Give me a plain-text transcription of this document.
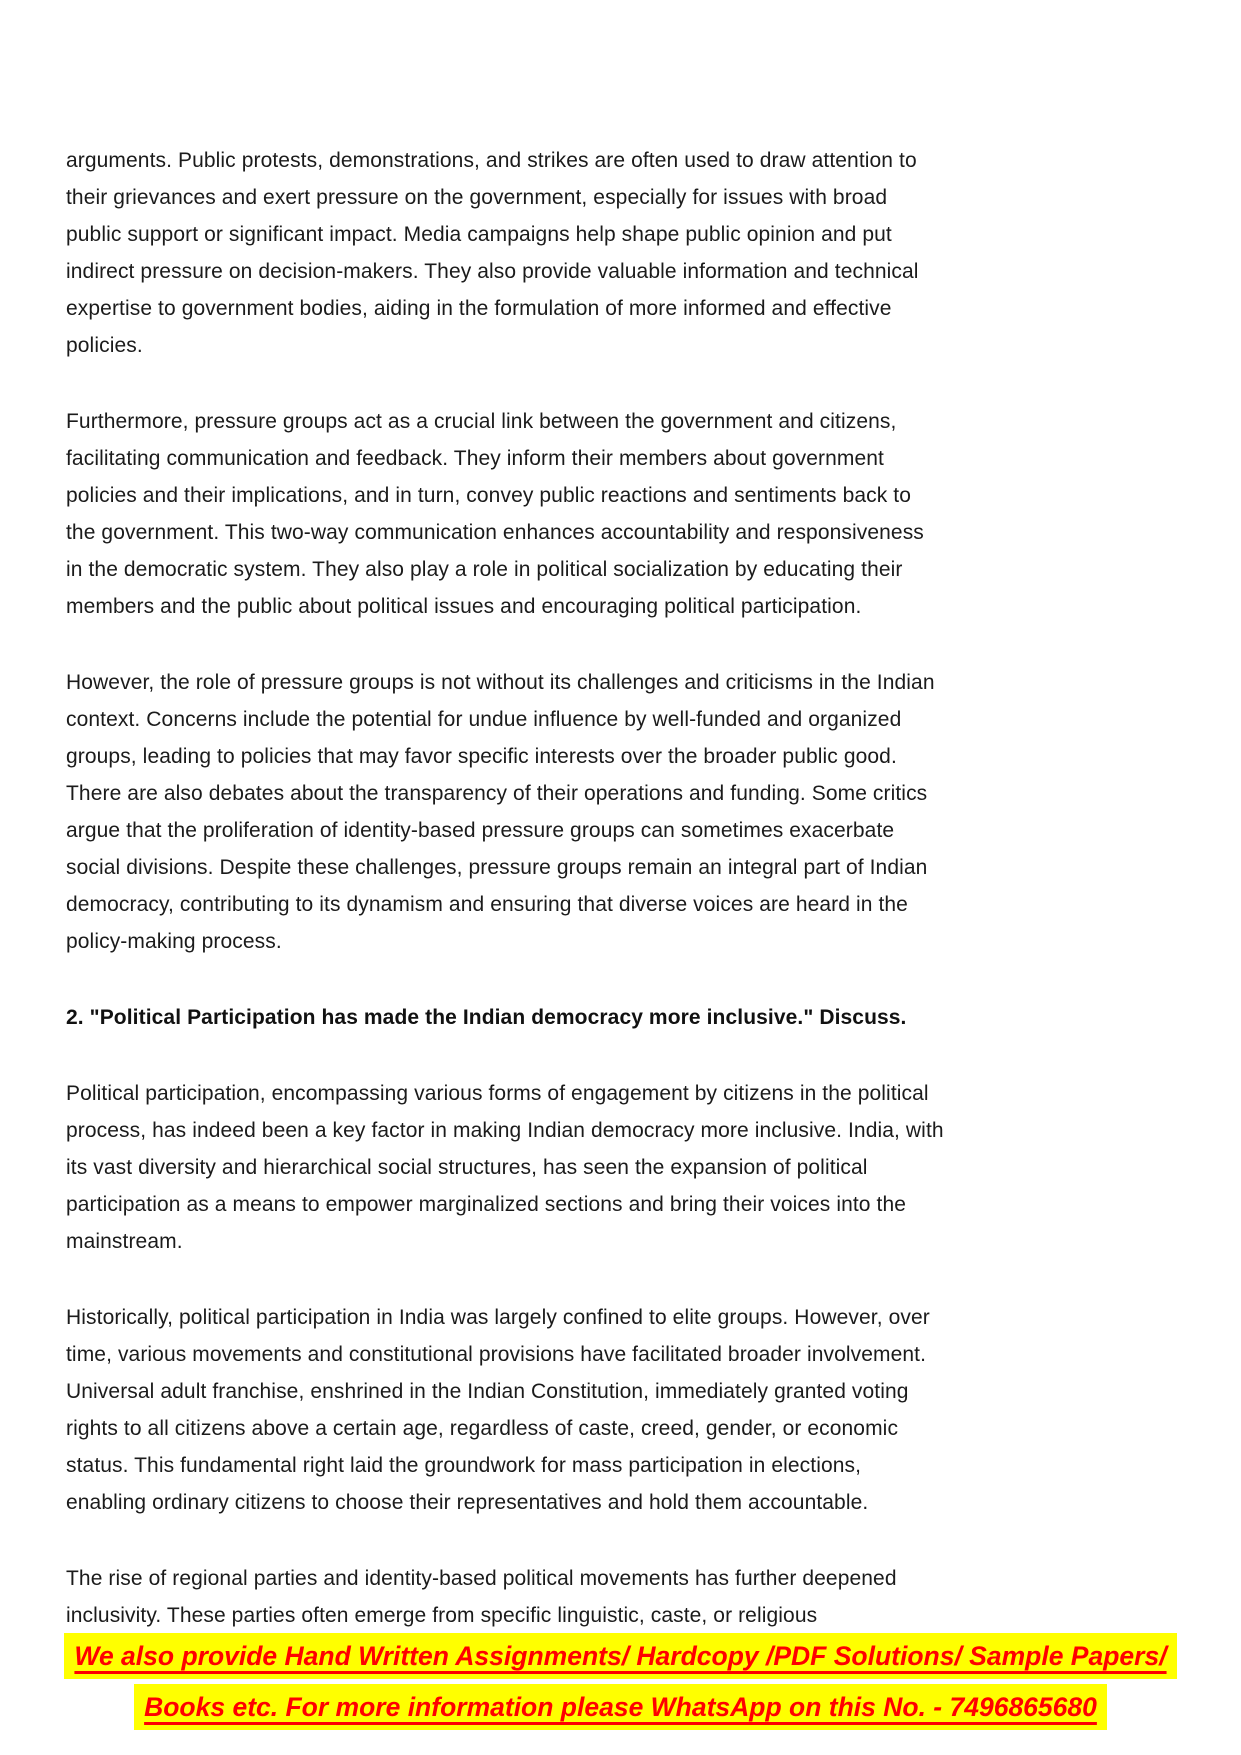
arguments. Public protests, demonstrations, and strikes are often used to draw attention to
their grievances and exert pressure on the government, especially for issues with broad
public support or significant impact. Media campaigns help shape public opinion and put
indirect pressure on decision-makers. They also provide valuable information and technical
expertise to government bodies, aiding in the formulation of more informed and effective
policies.

Furthermore, pressure groups act as a crucial link between the government and citizens,
facilitating communication and feedback. They inform their members about government
policies and their implications, and in turn, convey public reactions and sentiments back to
the government. This two-way communication enhances accountability and responsiveness
in the democratic system. They also play a role in political socialization by educating their
members and the public about political issues and encouraging political participation.

However, the role of pressure groups is not without its challenges and criticisms in the Indian
context. Concerns include the potential for undue influence by well-funded and organized
groups, leading to policies that may favor specific interests over the broader public good.
There are also debates about the transparency of their operations and funding. Some critics
argue that the proliferation of identity-based pressure groups can sometimes exacerbate
social divisions. Despite these challenges, pressure groups remain an integral part of Indian
democracy, contributing to its dynamism and ensuring that diverse voices are heard in the
policy-making process.

2. "Political Participation has made the Indian democracy more inclusive." Discuss.

Political participation, encompassing various forms of engagement by citizens in the political
process, has indeed been a key factor in making Indian democracy more inclusive. India, with
its vast diversity and hierarchical social structures, has seen the expansion of political
participation as a means to empower marginalized sections and bring their voices into the
mainstream.

Historically, political participation in India was largely confined to elite groups. However, over
time, various movements and constitutional provisions have facilitated broader involvement.
Universal adult franchise, enshrined in the Indian Constitution, immediately granted voting
rights to all citizens above a certain age, regardless of caste, creed, gender, or economic
status. This fundamental right laid the groundwork for mass participation in elections,
enabling ordinary citizens to choose their representatives and hold them accountable.

The rise of regional parties and identity-based political movements has further deepened
inclusivity. These parties often emerge from specific linguistic, caste, or religious

We also provide Hand Written Assignments/ Hardcopy /PDF Solutions/ Sample Papers/
Books etc. For more information please WhatsApp on this No. - 7496865680
